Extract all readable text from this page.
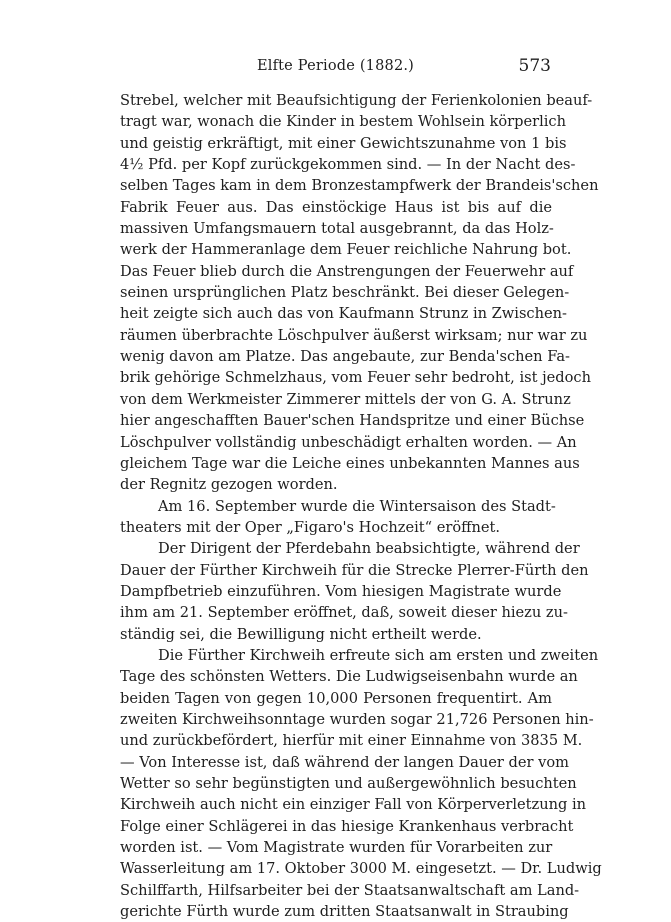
Elfte Periode (1882.)	573
Strebel, welcher mit Beaufsichtigung der Ferienkolonien beauf-
tragt war, wonach die Kinder in bestem Wohlsein körperlich
und geistig erkräftigt, mit einer Gewichtszunahme von 1 bis
4½ Pfd. per Kopf zurückgekommen sind. — In der Nacht des-
selben Tages kam in dem Bronzestampfwerk der Brandeis'schen
Fabrik Feuer aus. Das einstöckige Haus ist bis auf die
massiven Umfangsmauern total ausgebrannt, da das Holz-
werk der Hammeranlage dem Feuer reichliche Nahrung bot.
Das Feuer blieb durch die Anstrengungen der Feuerwehr auf
seinen ursprünglichen Platz beschränkt. Bei dieser Gelegen-
heit zeigte sich auch das von Kaufmann Strunz in Zwischen-
räumen überbrachte Löschpulver äußerst wirksam; nur war zu
wenig davon am Platze. Das angebaute, zur Benda'schen Fa-
brik gehörige Schmelzhaus, vom Feuer sehr bedroht, ist jedoch
von dem Werkmeister Zimmerer mittels der von G. A. Strunz
hier angeschafften Bauer'schen Handspritze und einer Büchse
Löschpulver vollständig unbeschädigt erhalten worden. — An
gleichem Tage war die Leiche eines unbekannten Mannes aus
der Regnitz gezogen worden.
Am 16. September wurde die Wintersaison des Stadt-
theaters mit der Oper „Figaro's Hochzeit“ eröffnet.
Der Dirigent der Pferdebahn beabsichtigte, während der
Dauer der Fürther Kirchweih für die Strecke Plerrer-Fürth den
Dampfbetrieb einzuführen. Vom hiesigen Magistrate wurde
ihm am 21. September eröffnet, daß, soweit dieser hiezu zu-
ständig sei, die Bewilligung nicht ertheilt werde.
Die Fürther Kirchweih erfreute sich am ersten und zweiten
Tage des schönsten Wetters. Die Ludwigseisenbahn wurde an
beiden Tagen von gegen 10,000 Personen frequentirt. Am
zweiten Kirchweihsonntage wurden sogar 21,726 Personen hin-
und zurückbefördert, hierfür mit einer Einnahme von 3835 M.
— Von Interesse ist, daß während der langen Dauer der vom
Wetter so sehr begünstigten und außergewöhnlich besuchten
Kirchweih auch nicht ein einziger Fall von Körperverletzung in
Folge einer Schlägerei in das hiesige Krankenhaus verbracht
worden ist. — Vom Magistrate wurden für Vorarbeiten zur
Wasserleitung am 17. Oktober 3000 M. eingesetzt. — Dr. Ludwig
Schilffarth, Hilfsarbeiter bei der Staatsanwaltschaft am Land-
gerichte Fürth wurde zum dritten Staatsanwalt in Straubing
